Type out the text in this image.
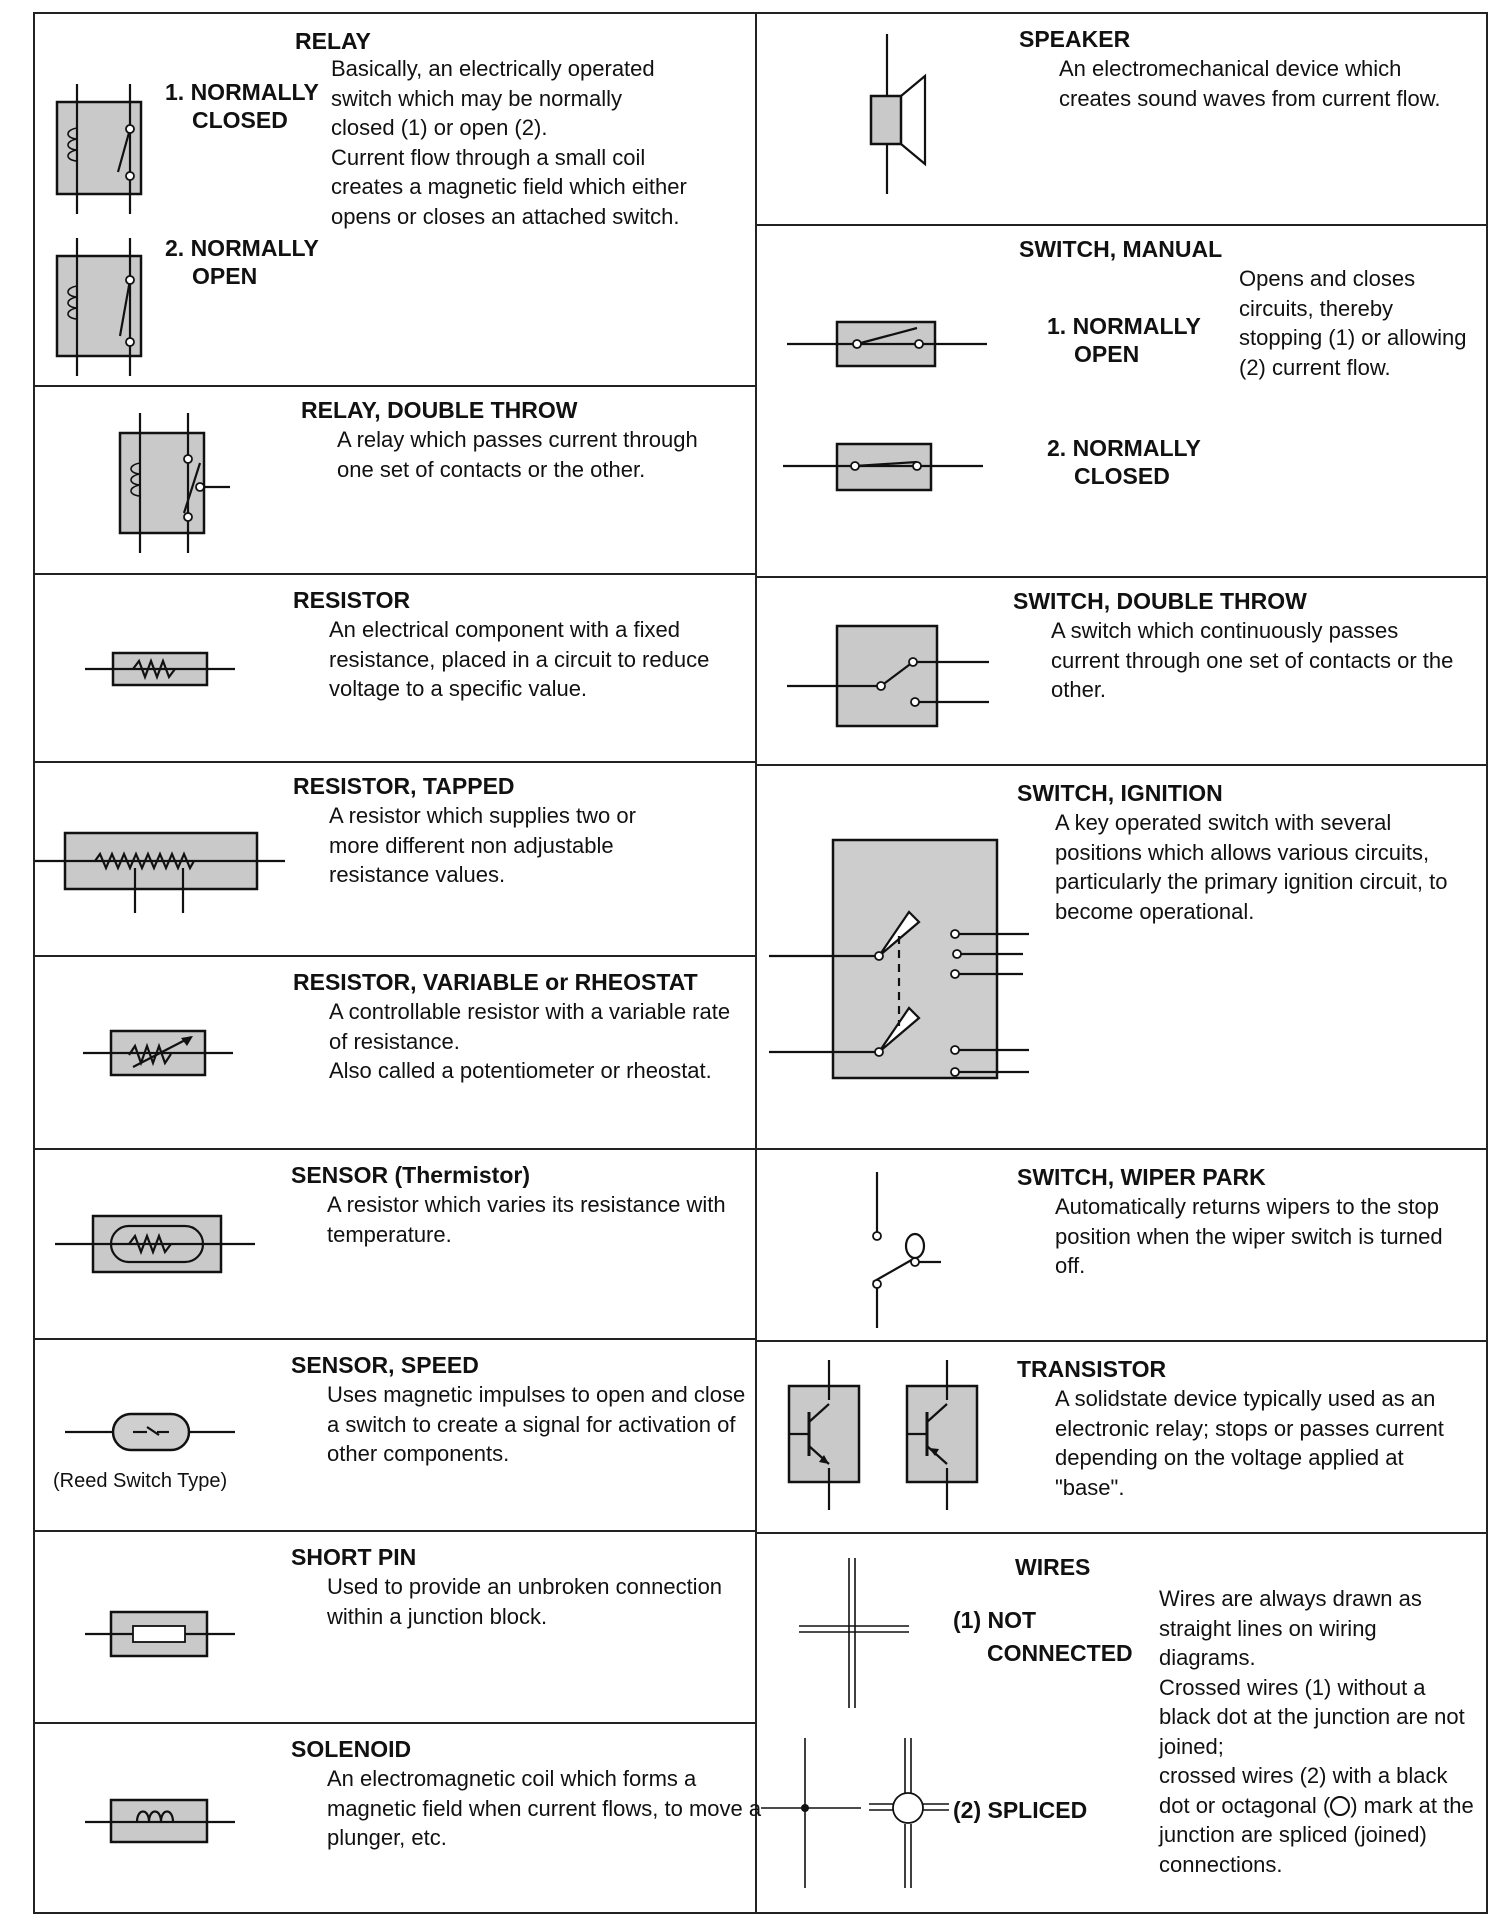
RELAY
1. NORMALLY
CLOSED
2. NORMALLY
OPEN
Basically, an electrically operated
switch which may be normally
closed (1) or open (2).
Current flow through a small coil
creates a magnetic field which either
opens or closes an attached switch.
RELAY, DOUBLE THROW
A relay which passes current through one set of contacts or the other.
RESISTOR
An electrical component with a fixed resistance, placed in a circuit to reduce voltage to a specific value.
RESISTOR, TAPPED
A resistor which supplies two or more different non adjustable resistance values.
RESISTOR, VARIABLE or RHEOSTAT
A controllable resistor with a variable rate of resistance.
Also called a potentiometer or rheostat.
SENSOR (Thermistor)
A resistor which varies its resistance with temperature.
(Reed Switch Type)
SENSOR, SPEED
Uses magnetic impulses to open and close a switch to create a signal for activation of other components.
SHORT PIN
Used to provide an unbroken connection within a junction block.
SOLENOID
An electromagnetic coil which forms a magnetic field when current flows, to move a plunger, etc.
SPEAKER
An electromechanical device which creates sound waves from current flow.
SWITCH, MANUAL
1. NORMALLY
OPEN
2. NORMALLY
CLOSED
Opens and closes circuits, thereby stopping (1) or allowing (2) current flow.
SWITCH, DOUBLE THROW
A switch which continuously passes current through one set of contacts or the other.
SWITCH, IGNITION
A key operated switch with several positions which allows various circuits, particularly the primary ignition circuit, to become operational.
SWITCH, WIPER PARK
Automatically returns wipers to the stop position when the wiper switch is turned off.
TRANSISTOR
A solidstate device typically used as an electronic relay; stops or passes current depending on the voltage applied at "base".
WIRES
(1) NOT
CONNECTED
(2) SPLICED
Wires are always drawn as straight lines on wiring diagrams.
Crossed wires (1) without a black dot at the junction are not joined;
crossed wires (2) with a black dot or octagonal ( ) mark at the junction are spliced (joined) connections.
